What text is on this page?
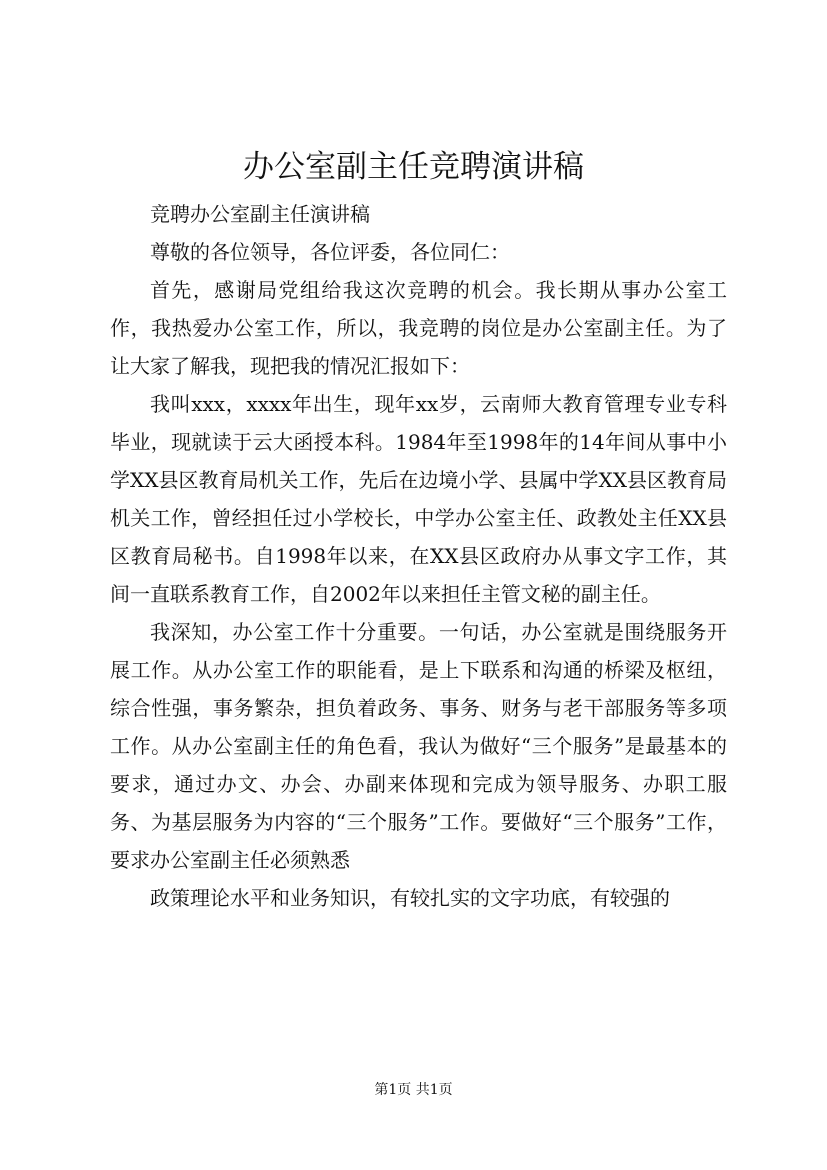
办公室副主任竞聘演讲稿

竞聘办公室副主任演讲稿

尊敬的各位领导，各位评委，各位同仁：

首先，感谢局党组给我这次竞聘的机会。我长期从事办公室工作，我热爱办公室工作，所以，我竞聘的岗位是办公室副主任。为了让大家了解我，现把我的情况汇报如下：

我叫xxx，xxxx年出生，现年xx岁，云南师大教育管理专业专科毕业，现就读于云大函授本科。1984年至1998年的14年间从事中小学XX县区教育局机关工作，先后在边境小学、县属中学XX县区教育局机关工作，曾经担任过小学校长，中学办公室主任、政教处主任XX县区教育局秘书。自1998年以来，在XX县区政府办从事文字工作，其间一直联系教育工作，自2002年以来担任主管文秘的副主任。

我深知，办公室工作十分重要。一句话，办公室就是围绕服务开展工作。从办公室工作的职能看，是上下联系和沟通的桥梁及枢纽，综合性强，事务繁杂，担负着政务、事务、财务与老干部服务等多项工作。从办公室副主任的角色看，我认为做好“三个服务”是最基本的要求，通过办文、办会、办副来体现和完成为领导服务、办职工服务、为基层服务为内容的“三个服务”工作。要做好“三个服务”工作，要求办公室副主任必须熟悉

政策理论水平和业务知识，有较扎实的文字功底，有较强的

第1页 共1页
